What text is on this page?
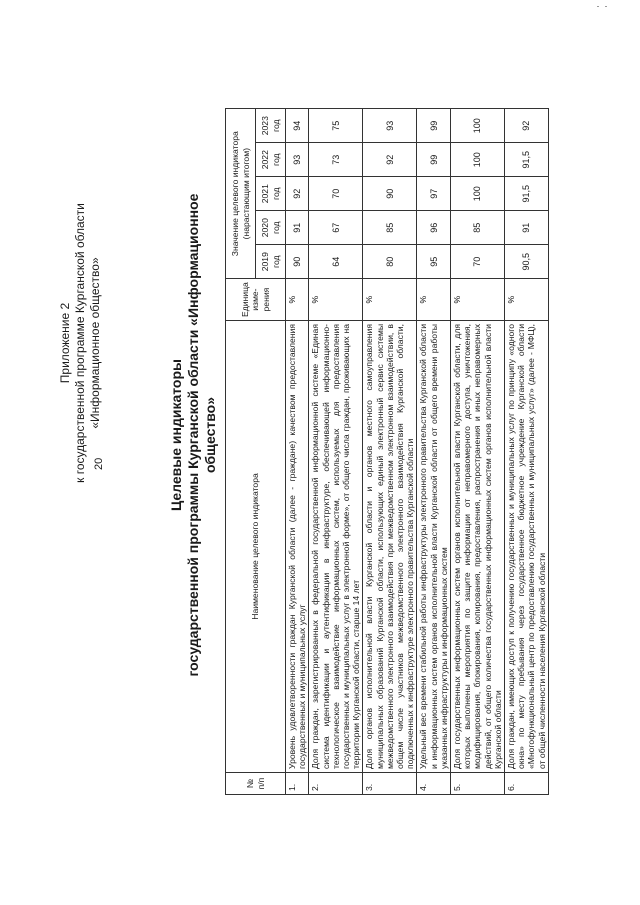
20
Приложение 2 к государственной программе Курганской области «Информационное общество»
Целевые индикаторы государственной программы Курганской области «Информационное общество»
№ п/п	Наименование целевого индикатора	Единица изме- рения	Значение целевого индикатора (нарастающим итогом)				
			2019 год	2020 год	2021 год	2022 год	2023 год
1.	Уровень удовлетворенности граждан Курганской области (далее - граждане) качеством предоставления государственных и муниципальных услуг	%	90	91	92	93	94
2.	Доля граждан, зарегистрированных в федеральной государственной информационной системе «Единая система идентификации и аутентификации в инфраструктуре, обеспечивающей информационно-технологическое взаимодействие информационных систем, используемых для предоставления государственных и муниципальных услуг в электронной форме», от общего числа граждан, проживающих на территории Курганской области, старше 14 лет	%	64	67	70	73	75
3.	Доля органов исполнительной власти Курганской области и органов местного самоуправления муниципальных образований Курганской области, использующих единый электронный сервис системы межведомственного электронного взаимодействия при межведомственном электронном взаимодействии, в общем числе участников межведомственного электронного взаимодействия Курганской области, подключенных к инфраструктуре электронного правительства Курганской области	%	80	85	90	92	93
4.	Удельный вес времени стабильной работы инфраструктуры электронного правительства Курганской области и информационных систем органов исполнительной власти Курганской области от общего времени работы указанных инфраструктуры и информационных систем	%	95	96	97	99	99
5.	Доля государственных информационных систем органов исполнительной власти Курганской области, для которых выполнены мероприятия по защите информации от неправомерного доступа, уничтожения, модифицирования, блокирования, копирования, предоставления, распространения и иных неправомерных действий, от общего количества государственных информационных систем органов исполнительной власти Курганской области	%	70	85	100	100	100
6.	Доля граждан, имеющих доступ к получению государственных и муниципальных услуг по принципу «одного окна» по месту пребывания через государственное бюджетное учреждение Курганской области «Многофункциональный центр по предоставлению государственных и муниципальных услуг» (далее - МФЦ), от общей численности населения Курганской области	%	90,5	91	91,5	91,5	92
